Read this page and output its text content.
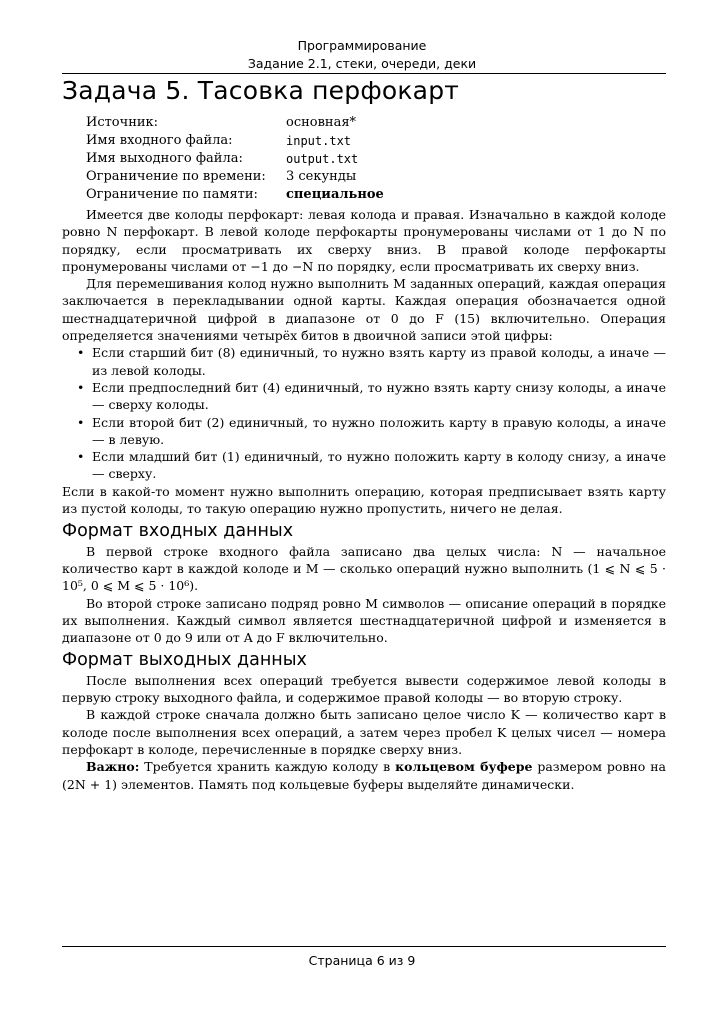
Программирование
Задание 2.1, стеки, очереди, деки
Задача 5. Тасовка перфокарт
Источник:	основная*
Имя входного файла:	input.txt
Имя выходного файла:	output.txt
Ограничение по времени:	3 секунды
Ограничение по памяти:	специальное

Имеется две колоды перфокарт: левая колода и правая. Изначально в каждой колоде ровно N перфокарт. В левой колоде перфокарты пронумерованы числами от 1 до N по порядку, если просматривать их сверху вниз. В правой колоде перфокарты пронумерованы числами от −1 до −N по порядку, если просматривать их сверху вниз.

Для перемешивания колод нужно выполнить M заданных операций, каждая операция заключается в перекладывании одной карты. Каждая операция обозначается одной шестнадцатеричной цифрой в диапазоне от 0 до F (15) включительно. Операция определяется значениями четырёх битов в двоичной записи этой цифры:

• Если старший бит (8) единичный, то нужно взять карту из правой колоды, а иначе — из левой колоды.
• Если предпоследний бит (4) единичный, то нужно взять карту снизу колоды, а иначе — сверху колоды.
• Если второй бит (2) единичный, то нужно положить карту в правую колоды, а иначе — в левую.
• Если младший бит (1) единичный, то нужно положить карту в колоду снизу, а иначе — сверху.

Если в какой-то момент нужно выполнить операцию, которая предписывает взять карту из пустой колоды, то такую операцию нужно пропустить, ничего не делая.

Формат входных данных

В первой строке входного файла записано два целых числа: N — начальное количество карт в каждой колоде и M — сколько операций нужно выполнить (1 ⩽ N ⩽ 5 · 10⁵, 0 ⩽ M ⩽ 5 · 10⁶).

Во второй строке записано подряд ровно M символов — описание операций в порядке их выполнения. Каждый символ является шестнадцатеричной цифрой и изменяется в диапазоне от 0 до 9 или от A до F включительно.

Формат выходных данных

После выполнения всех операций требуется вывести содержимое левой колоды в первую строку выходного файла, и содержимое правой колоды — во вторую строку.

В каждой строке сначала должно быть записано целое число K — количество карт в колоде после выполнения всех операций, а затем через пробел K целых чисел — номера перфокарт в колоде, перечисленные в порядке сверху вниз.

Важно: Требуется хранить каждую колоду в кольцевом буфере размером ровно на (2N + 1) элементов. Память под кольцевые буферы выделяйте динамически.

Страница 6 из 9
